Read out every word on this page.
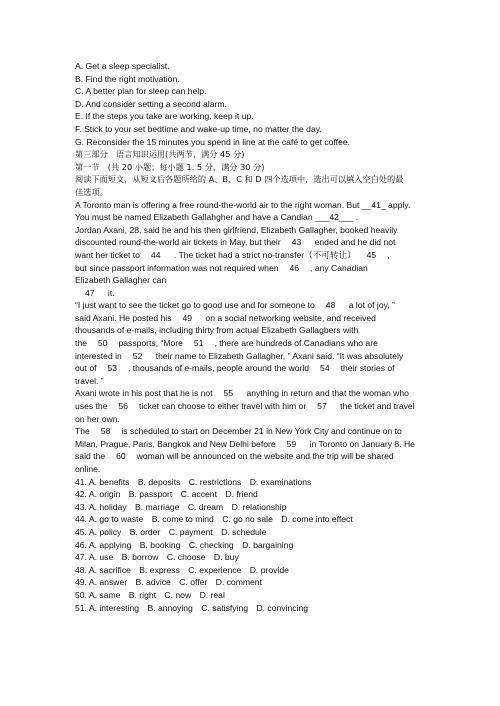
A. Get a sleep specialist.
B. Find the right motivation.
C. A better plan for sleep can help.
D. And consider setting a second alarm.
E. If the steps you take are working, keep it up.
F. Stick to your set bedtime and wake-up time, no matter the day.
G. Reconsider the 15 minutes you spend in line at the café to get coffee.
第三部分　语言知识运用(共两节，满分 45 分)
第一节　(共 20 小题；每小题 1. 5 分，满分 30 分)
阅读下面短文，从短文后各题所给的 A、B、C 和 D 四个选项中，选出可以填入空白处的最
佳选项。
A Toronto man is offering a free round-the-world air to the right woman. But __41_ apply.
You must be named Elizabeth Gallahgher and have a Candian ___42___ .
Jordan Axani, 28, said he and his then girlfriend, Elizabeth Gallagher, booked heavily
discounted round-the-world air tickets in May, but their 　43 　 ended and he did not
want her ticket to 　44 　 . The ticket had a strict no-transfer（不可转让） 　45 　,
but since passport information was not required when 　46 　, any Canadian
Elizabeth Gallagher can
47 　 it.
“I just want to see the ticket go to good use and for someone to 　48 　 a lot of joy, ”
said Axani. He posted his 　49 　 on a social networking website, and received
thousands of e-mails, including thirty from actual Elizabeth Gallagbers with
the 　50 　passports, “More 　51 　, there are hundreds of Canadians who are
interested in 　52 　 their name to Elizabeth Gallagher, ” Axani said. “It was absolutely
out of 　53 　, thousands of e-mails, people around the world 　54 　their stories of
travel. ”
Axani wrote in his post that he is not 　55 　 anything in return and that the woman who
uses the 　56 　ticket can choose to either travel with him or 　57 　 the ticket and travel
on her own.
The 　58 　is scheduled to start on December 21 in New York City and continue on to
Milan, Prague, Paris, Bangkok and New Delhi before 　59 　 in Toronto on January 8. He
said the 　60 　woman will be announced on the website and the trip will be shared
online.
41. A. benefits B. deposits C. restrictions D. examinations
42. A. origin B. passport C. accent D. friend
43. A. holiday B. marriage C. dream D. relationship
44. A. go to waste B. come to mind C. go no sale D. come into effect
45. A. policy B. order C. payment D. schedule
46. A. applying B. booking C. checking D. bargaining
47. A. use B. borrow C. choose D. buy
48. A. sacrifice B. express C. experience D. provide
49. A. answer B. advice C. offer D. comment
50. A. same B. right C. now D. real
51. A. interesting B. annoying C. satisfying D. convincing
